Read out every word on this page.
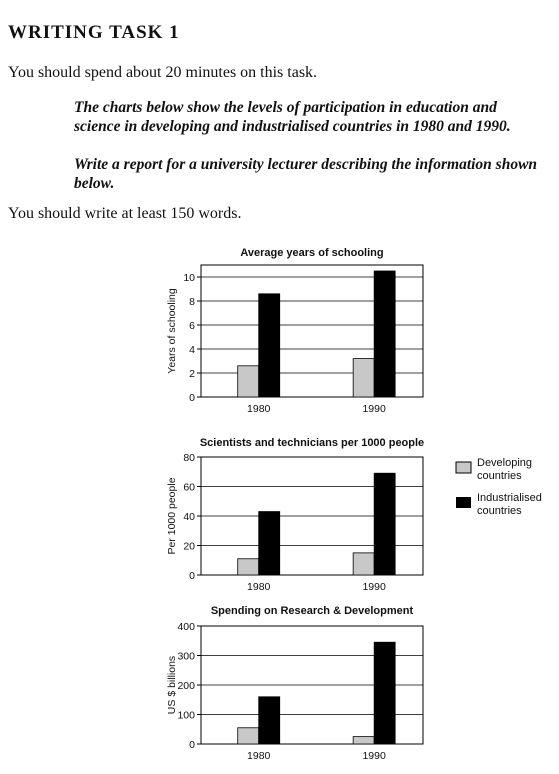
WRITING TASK 1
You should spend about 20 minutes on this task.
The charts below show the levels of participation in education and science in developing and industrialised countries in 1980 and 1990.
Write a report for a university lecturer describing the information shown below.
You should write at least 150 words.
Developing
countries
Industrialised
countries
Average years of schooling
0
2
4
6
8
10
Years of schooling
1980	1990
Scientists and technicians per 1000 people
0
20
40
60
80
Per 1000 people
1980	1990
Spending on Research & Development
0
100
200
300
400
US $ billions
1980	1990
